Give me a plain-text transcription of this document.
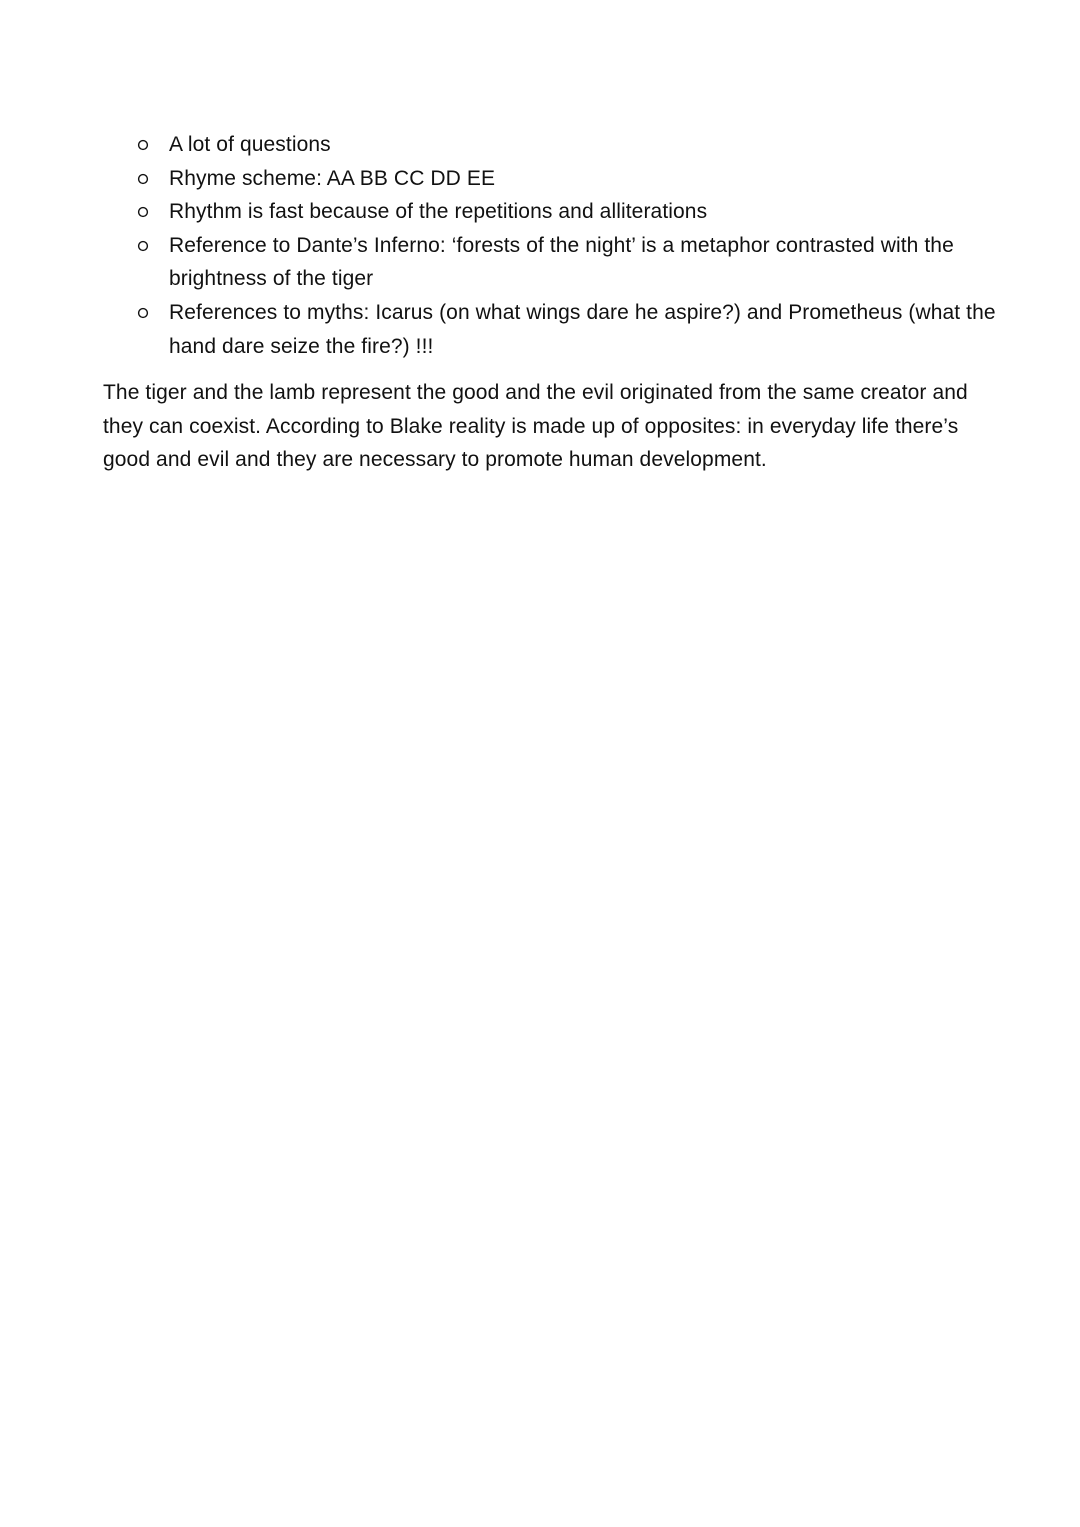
A lot of questions
Rhyme scheme: AA BB CC DD EE
Rhythm is fast because of the repetitions and alliterations
Reference to Dante’s Inferno: ‘forests of the night’ is a metaphor contrasted with the brightness of the tiger
References to myths: Icarus (on what wings dare he aspire?) and Prometheus (what the hand dare seize the fire?) !!!

The tiger and the lamb represent the good and the evil originated from the same creator and they can coexist. According to Blake reality is made up of opposites: in everyday life there’s good and evil and they are necessary to promote human development.
